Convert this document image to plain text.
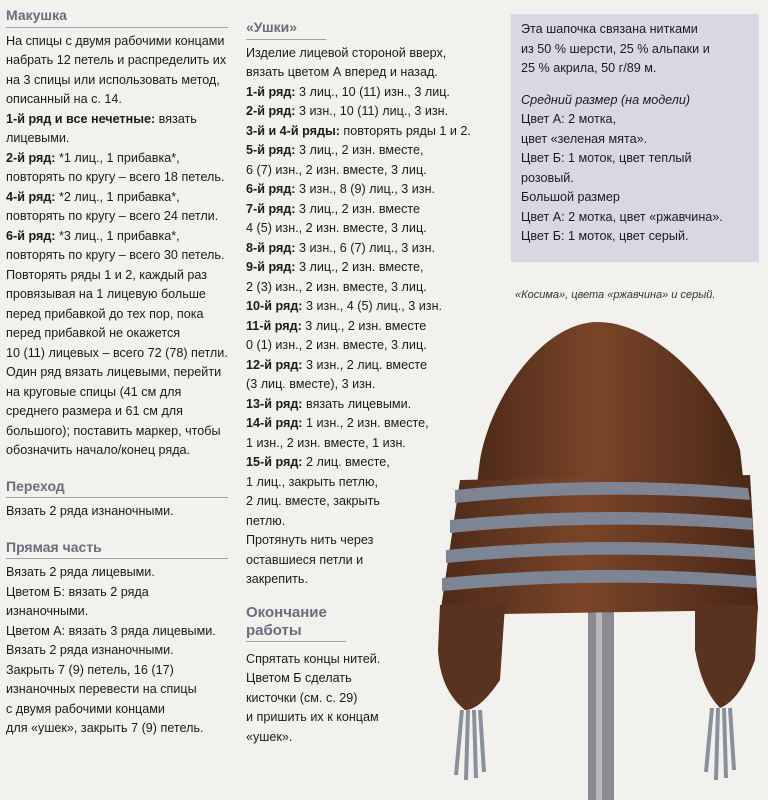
Макушка
На спицы с двумя рабочими концами
набрать 12 петель и распределить их
на 3 спицы или использовать метод,
описанный на с. 14.
1-й ряд и все нечетные: вязать
лицевыми.
2-й ряд: *1 лиц., 1 прибавка*,
повторять по кругу – всего 18 петель.
4-й ряд: *2 лиц., 1 прибавка*,
повторять по кругу – всего 24 петли.
6-й ряд: *3 лиц., 1 прибавка*,
повторять по кругу – всего 30 петель.
Повторять ряды 1 и 2, каждый раз
провязывая на 1 лицевую больше
перед прибавкой до тех пор, пока
перед прибавкой не окажется
10 (11) лицевых – всего 72 (78) петли.
Один ряд вязать лицевыми, перейти
на круговые спицы (41 см для
среднего размера и 61 см для
большого); поставить маркер, чтобы
обозначить начало/конец ряда.
Переход
Вязать 2 ряда изнаночными.
Прямая часть
Вязать 2 ряда лицевыми.
Цветом Б: вязать 2 ряда изнаночными.
Цветом А: вязать 3 ряда лицевыми.
Вязать 2 ряда изнаночными.
Закрыть 7 (9) петель, 16 (17)
изнаночных перевести на спицы
с двумя рабочими концами
для «ушек», закрыть 7 (9) петель.
«Ушки»
Изделие лицевой стороной вверх,
вязать цветом А вперед и назад.
1-й ряд: 3 лиц., 10 (11) изн., 3 лиц.
2-й ряд: 3 изн., 10 (11) лиц., 3 изн.
3-й и 4-й ряды: повторять ряды 1 и 2.
5-й ряд: 3 лиц., 2 изн. вместе,
6 (7) изн., 2 изн. вместе, 3 лиц.
6-й ряд: 3 изн., 8 (9) лиц., 3 изн.
7-й ряд: 3 лиц., 2 изн. вместе
4 (5) изн., 2 изн. вместе, 3 лиц.
8-й ряд: 3 изн., 6 (7) лиц., 3 изн.
9-й ряд: 3 лиц., 2 изн. вместе,
2 (3) изн., 2 изн. вместе, 3 лиц.
10-й ряд: 3 изн., 4 (5) лиц., 3 изн.
11-й ряд: 3 лиц., 2 изн. вместе
0 (1) изн., 2 изн. вместе, 3 лиц.
12-й ряд: 3 изн., 2 лиц. вместе
(3 лиц. вместе), 3 изн.
13-й ряд: вязать лицевыми.
14-й ряд: 1 изн., 2 изн. вместе,
1 изн., 2 изн. вместе, 1 изн.
15-й ряд: 2 лиц. вместе,
1 лиц., закрыть петлю,
2 лиц. вместе, закрыть
петлю.
Протянуть нить через
оставшиеся петли и
закрепить.
Окончание
работы
Спрятать концы нитей.
Цветом Б сделать
кисточки (см. с. 29)
и пришить их к концам
«ушек».
Эта шапочка связана нитками
из 50 % шерсти, 25 % альпаки и
25 % акрила, 50 г/89 м.
Средний размер (на модели)
Цвет А: 2 мотка,
цвет «зеленая мята».
Цвет Б: 1 моток, цвет теплый
розовый.
Большой размер
Цвет А: 2 мотка, цвет «ржавчина».
Цвет Б: 1 моток, цвет серый.
«Косима», цвета «ржавчина» и серый.
